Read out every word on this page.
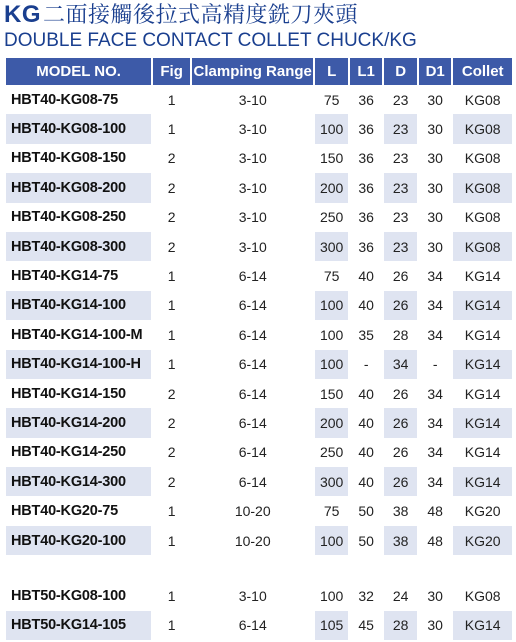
KG二面接觸後拉式高精度銑刀夾頭
DOUBLE FACE CONTACT COLLET CHUCK/KG
MODEL NO.	Fig	Clamping Range	L	L1	D	D1	Collet
HBT40-KG08-75	1	3-10	75	36	23	30	KG08
HBT40-KG08-100	1	3-10	100	36	23	30	KG08
HBT40-KG08-150	2	3-10	150	36	23	30	KG08
HBT40-KG08-200	2	3-10	200	36	23	30	KG08
HBT40-KG08-250	2	3-10	250	36	23	30	KG08
HBT40-KG08-300	2	3-10	300	36	23	30	KG08
HBT40-KG14-75	1	6-14	75	40	26	34	KG14
HBT40-KG14-100	1	6-14	100	40	26	34	KG14
HBT40-KG14-100-M	1	6-14	100	35	28	34	KG14
HBT40-KG14-100-H	1	6-14	100	-	34	-	KG14
HBT40-KG14-150	2	6-14	150	40	26	34	KG14
HBT40-KG14-200	2	6-14	200	40	26	34	KG14
HBT40-KG14-250	2	6-14	250	40	26	34	KG14
HBT40-KG14-300	2	6-14	300	40	26	34	KG14
HBT40-KG20-75	1	10-20	75	50	38	48	KG20
HBT40-KG20-100	1	10-20	100	50	38	48	KG20

HBT50-KG08-100	1	3-10	100	32	24	30	KG08
HBT50-KG14-105	1	6-14	105	45	28	30	KG14
